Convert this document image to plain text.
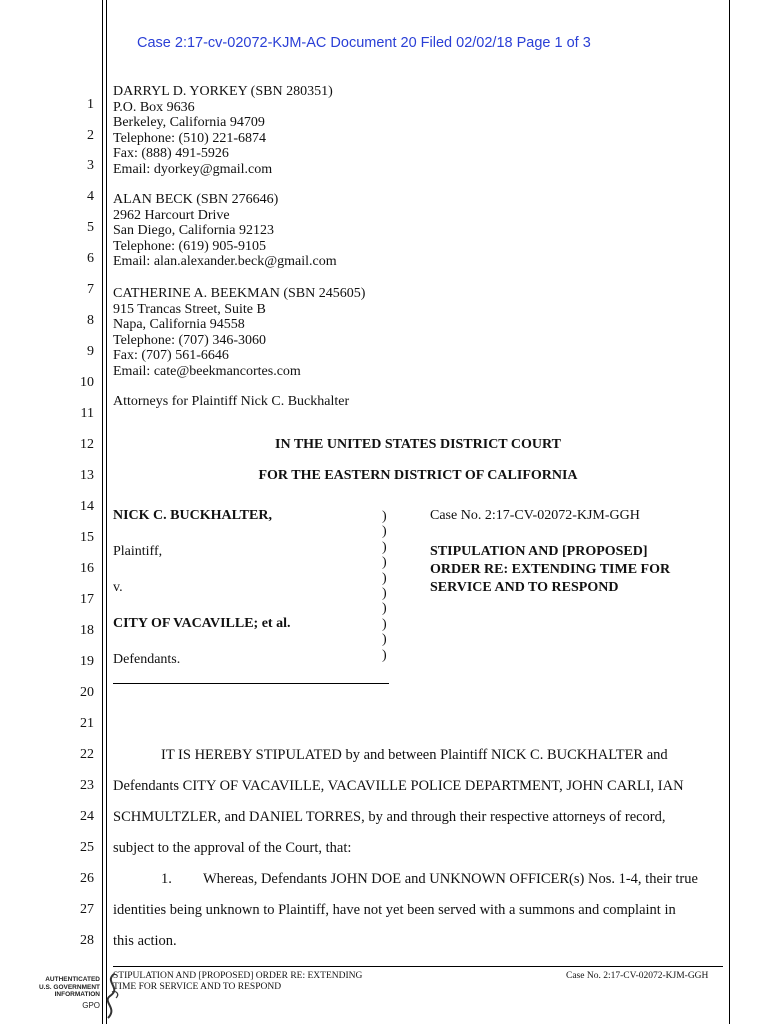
Case 2:17-cv-02072-KJM-AC Document 20 Filed 02/02/18 Page 1 of 3
1
2
3
4
5
6
7
8
9
10
11
12
13
14
15
16
17
18
19
20
21
22
23
24
25
26
27
28
DARRYL D. YORKEY (SBN 280351)
P.O. Box 9636
Berkeley, California 94709
Telephone: (510) 221-6874
Fax: (888) 491-5926
Email: dyorkey@gmail.com
ALAN BECK (SBN 276646)
2962 Harcourt Drive
San Diego, California 92123
Telephone: (619) 905-9105
Email: alan.alexander.beck@gmail.com
CATHERINE A. BEEKMAN (SBN 245605)
915 Trancas Street, Suite B
Napa, California 94558
Telephone: (707) 346-3060
Fax: (707) 561-6646
Email: cate@beekmancortes.com
Attorneys for Plaintiff Nick C. Buckhalter
IN THE UNITED STATES DISTRICT COURT
FOR THE EASTERN DISTRICT OF CALIFORNIA
NICK C. BUCKHALTER,
Plaintiff,
v.
CITY OF VACAVILLE; et al.
Defendants.
)
)
)
)
)
)
)
)
)
)
Case No. 2:17-CV-02072-KJM-GGH
STIPULATION AND [PROPOSED]
ORDER RE: EXTENDING TIME FOR
SERVICE AND TO RESPOND
IT IS HEREBY STIPULATED by and between Plaintiff NICK C. BUCKHALTER and
Defendants CITY OF VACAVILLE, VACAVILLE POLICE DEPARTMENT, JOHN CARLI, IAN
SCHMULTZLER, and DANIEL TORRES, by and through their respective attorneys of record,
subject to the approval of the Court, that:
1. Whereas, Defendants JOHN DOE and UNKNOWN OFFICER(s) Nos. 1-4, their true
identities being unknown to Plaintiff, have not yet been served with a summons and complaint in
this action.
STIPULATION AND [PROPOSED] ORDER RE: EXTENDING
TIME FOR SERVICE AND TO RESPOND
Case No. 2:17-CV-02072-KJM-GGH
AUTHENTICATED
U.S. GOVERNMENT
INFORMATION
GPO
